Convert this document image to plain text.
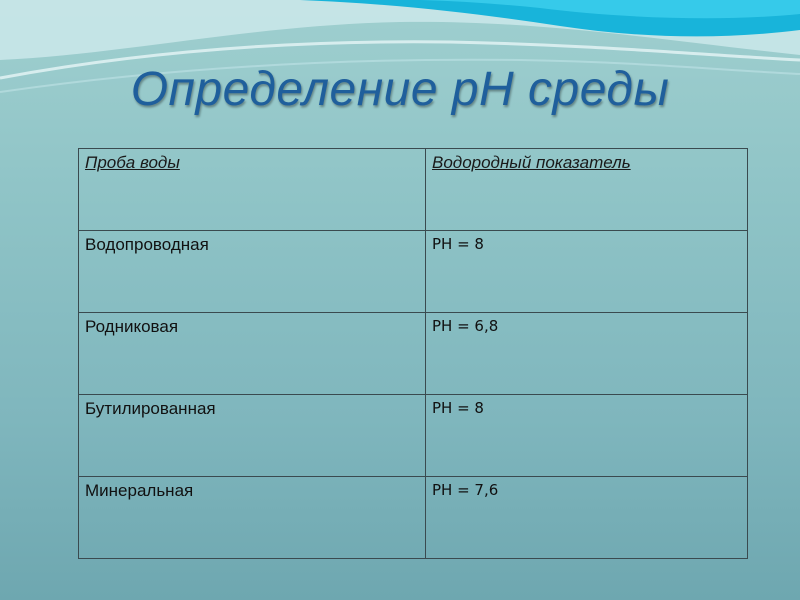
Определение рН среды
Проба воды	Водородный показатель
Водопроводная	PH = 8
Родниковая	PH = 6,8
Бутилированная	PH = 8
Минеральная	PH = 7,6
